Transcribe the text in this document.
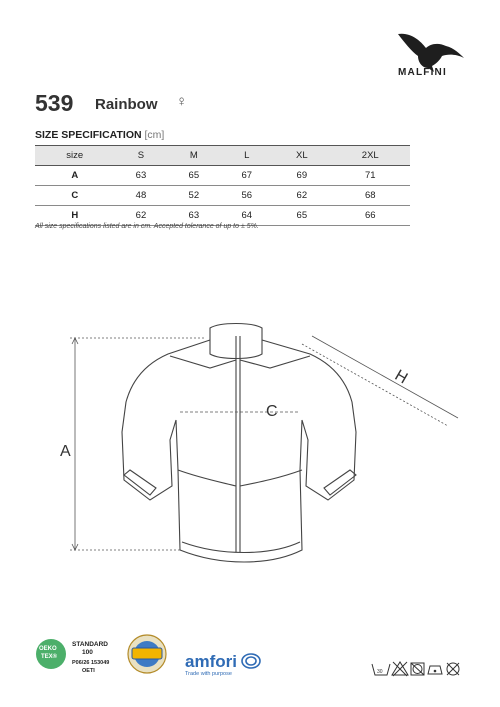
MALFINI
539 Rainbow ♀
SIZE SPECIFICATION [cm]
size	S	M	L	XL	2XL
A	63	65	67	69	71
C	48	52	56	62	68
H	62	63	64	65	66
All size specifications listed are in cm. Accepted tolerance of up to ± 5%.
A
C
H
OEKO
TEX®
STANDARD
100
P06/26 153049
OETI	amfori
Trade with purpose	30
